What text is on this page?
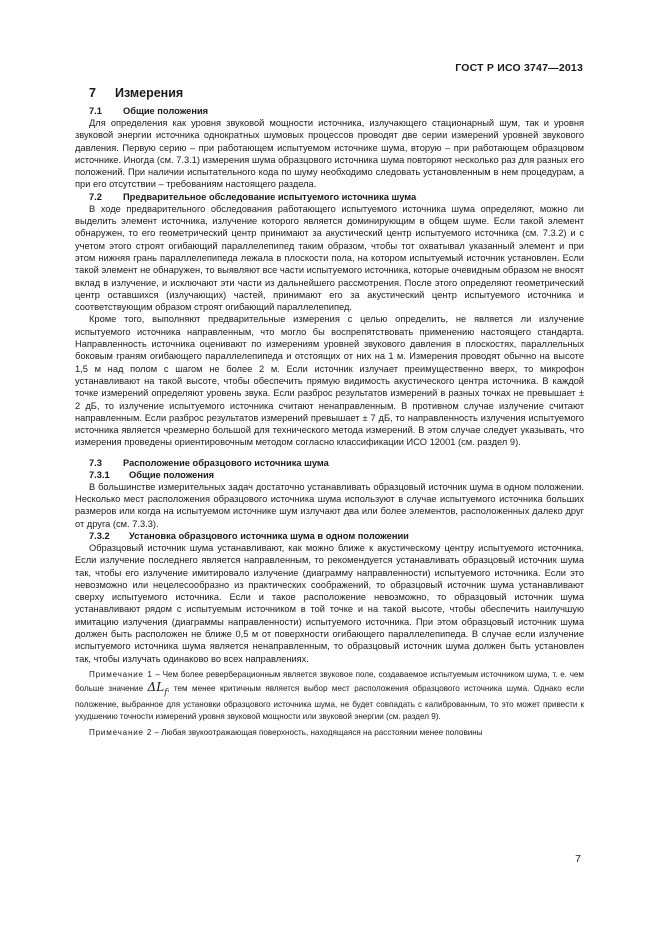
ГОСТ Р ИСО 3747—2013
7 Измерения
7.1 Общие положения

Для определения как уровня звуковой мощности источника, излучающего стационарный шум, так и уровня звуковой энергии источника однократных шумовых процессов проводят две серии измерений уровней звукового давления. Первую серию – при работающем испытуемом источнике шума, вторую – при работающем образцовом источнике. Иногда (см. 7.3.1) измерения шума образцового источника шума повторяют несколько раз для разных его положений. При наличии испытательного кода по шуму необходимо следовать установленным в нем процедурам, а при его отсутствии – требованиям настоящего раздела.

7.2 Предварительное обследование испытуемого источника шума

В ходе предварительного обследования работающего испытуемого источника шума определяют, можно ли выделить элемент источника, излучение которого является доминирующим в общем шуме. Если такой элемент обнаружен, то его геометрический центр принимают за акустический центр испытуемого источника (см. 7.3.2) и с учетом этого строят огибающий параллелепипед таким образом, чтобы тот охватывал указанный элемент и при этом нижняя грань параллелепипеда лежала в плоскости пола, на котором испытуемый источник установлен. Если такой элемент не обнаружен, то выявляют все части испытуемого источника, которые очевидным образом не вносят вклад в излучение, и исключают эти части из дальнейшего рассмотрения. После этого определяют геометрический центр оставшихся (излучающих) частей, принимают его за акустический центр испытуемого источника и соответствующим образом строят огибающий параллелепипед.

Кроме того, выполняют предварительные измерения с целью определить, не является ли излучение испытуемого источника направленным, что могло бы воспрепятствовать применению настоящего стандарта. Направленность источника оценивают по измерениям уровней звукового давления в плоскостях, параллельных боковым граням огибающего параллелепипеда и отстоящих от них на 1 м. Измерения проводят обычно на высоте 1,5 м над полом с шагом не более 2 м. Если источник излучает преимущественно вверх, то микрофон устанавливают на такой высоте, чтобы обеспечить прямую видимость акустического центра источника. В каждой точке измерений определяют уровень звука. Если разброс результатов измерений в разных точках не превышает ± 2 дБ, то излучение испытуемого источника считают ненаправленным. В противном случае излучение считают направленным. Если разброс результатов измерений превышает ± 7 дБ, то направленность излучения испытуемого источника является чрезмерно большой для технического метода измерений. В этом случае следует указывать, что измерения проведены ориентировочным методом согласно классификации ИСО 12001 (см. раздел 9).

7.3 Расположение образцового источника шума
7.3.1 Общие положения

В большинстве измерительных задач достаточно устанавливать образцовый источник шума в одном положении. Несколько мест расположения образцового источника шума используют в случае испытуемого источника больших размеров или когда на испытуемом источнике шум излучают два или более элементов, расположенных далеко друг от друга (см. 7.3.3).

7.3.2 Установка образцового источника шума в одном положении

Образцовый источник шума устанавливают, как можно ближе к акустическому центру испытуемого источника. Если излучение последнего является направленным, то рекомендуется устанавливать образцовый источник шума так, чтобы его излучение имитировало излучение (диаграмму направленности) испытуемого источника. Если это невозможно или нецелесообразно из практических соображений, то образцовый источник шума устанавливают сверху испытуемого источника. Если и такое расположение невозможно, то образцовый источник шума устанавливают рядом с испытуемым источником в той точке и на такой высоте, чтобы обеспечить наилучшую имитацию излучения (диаграммы направленности) испытуемого источника. При этом образцовый источник шума должен быть расположен не ближе 0,5 м от поверхности огибающего параллелепипеда. В случае если излучение испытуемого источника шума является ненаправленным, то образцовый источник шума должен быть установлен так, чтобы излучать одинаково во всех направлениях.

Примечание 1 – Чем более реверберационным является звуковое поле, создаваемое испытуемым источником шума, т. е. чем больше значение $\Delta L_f$, тем менее критичным является выбор мест расположения образцового источника шума. Однако если положение, выбранное для установки образцового источника шума, не будет совпадать с калиброванным, то это может привести к ухудшению точности измерений уровня звуковой мощности или звуковой энергии (см. раздел 9).

Примечание 2 – Любая звукоотражающая поверхность, находящаяся на расстоянии менее половины

7
